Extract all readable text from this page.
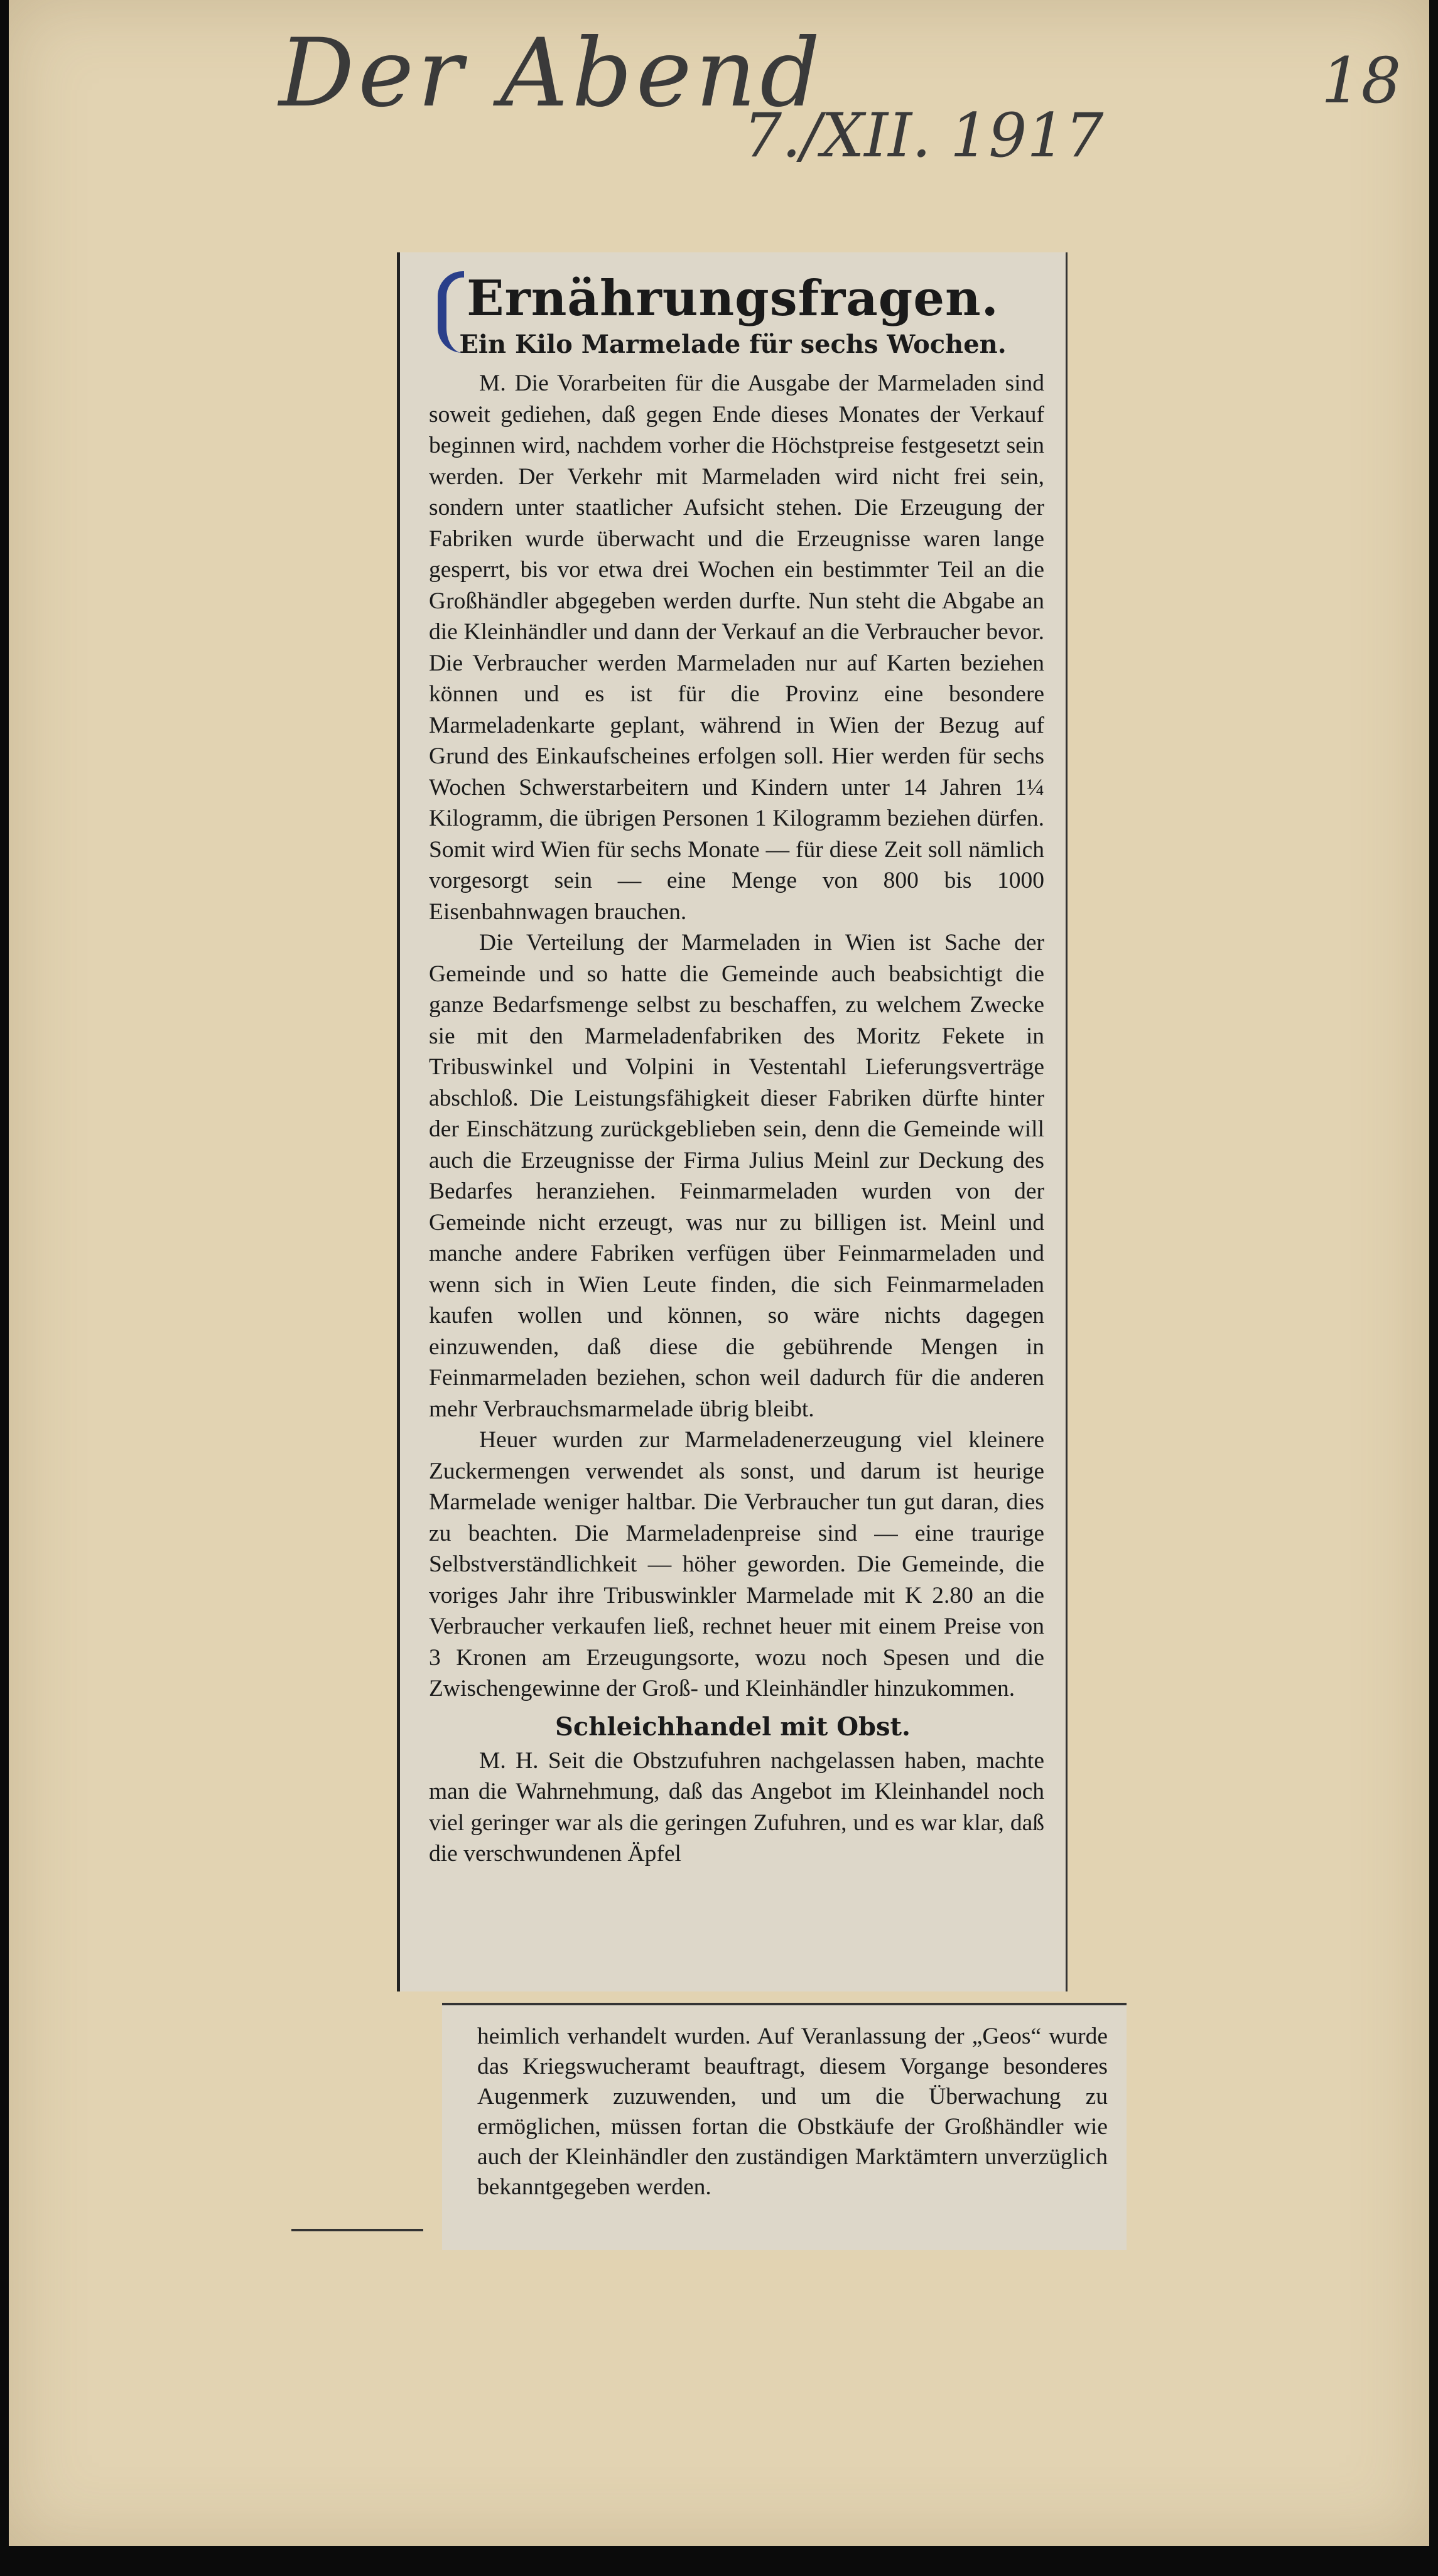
Der Abend
7./XII. 1917
18
Ernährungsfragen.
Ein Kilo Marmelade für sechs Wochen.

M. Die Vorarbeiten für die Ausgabe der Marmeladen sind soweit gediehen, daß gegen Ende dieses Monates der Verkauf beginnen wird, nachdem vorher die Höchstpreise festgesetzt sein werden. Der Verkehr mit Marmeladen wird nicht frei sein, sondern unter staatlicher Aufsicht stehen. Die Erzeugung der Fabriken wurde überwacht und die Erzeugnisse waren lange gesperrt, bis vor etwa drei Wochen ein bestimmter Teil an die Großhändler abgegeben werden durfte. Nun steht die Abgabe an die Kleinhändler und dann der Verkauf an die Verbraucher bevor. Die Verbraucher werden Marmeladen nur auf Karten beziehen können und es ist für die Provinz eine besondere Marmeladenkarte geplant, während in Wien der Bezug auf Grund des Einkaufscheines erfolgen soll. Hier werden für sechs Wochen Schwerstarbeitern und Kindern unter 14 Jahren 1¼ Kilogramm, die übrigen Personen 1 Kilogramm beziehen dürfen. Somit wird Wien für sechs Monate — für diese Zeit soll nämlich vorgesorgt sein — eine Menge von 800 bis 1000 Eisenbahnwagen brauchen.

Die Verteilung der Marmeladen in Wien ist Sache der Gemeinde und so hatte die Gemeinde auch beabsichtigt die ganze Bedarfsmenge selbst zu beschaffen, zu welchem Zwecke sie mit den Marmeladenfabriken des Moritz Fekete in Tribuswinkel und Volpini in Vestentahl Lieferungsverträge abschloß. Die Leistungsfähigkeit dieser Fabriken dürfte hinter der Einschätzung zurückgeblieben sein, denn die Gemeinde will auch die Erzeugnisse der Firma Julius Meinl zur Deckung des Bedarfes heranziehen. Feinmarmeladen wurden von der Gemeinde nicht erzeugt, was nur zu billigen ist. Meinl und manche andere Fabriken verfügen über Feinmarmeladen und wenn sich in Wien Leute finden, die sich Feinmarmeladen kaufen wollen und können, so wäre nichts dagegen einzuwenden, daß diese die gebührende Mengen in Feinmarmeladen beziehen, schon weil dadurch für die anderen mehr Verbrauchsmarmelade übrig bleibt.

Heuer wurden zur Marmeladenerzeugung viel kleinere Zuckermengen verwendet als sonst, und darum ist heurige Marmelade weniger haltbar. Die Verbraucher tun gut daran, dies zu beachten. Die Marmeladenpreise sind — eine traurige Selbstverständlichkeit — höher geworden. Die Gemeinde, die voriges Jahr ihre Tribuswinkler Marmelade mit K 2.80 an die Verbraucher verkaufen ließ, rechnet heuer mit einem Preise von 3 Kronen am Erzeugungsorte, wozu noch Spesen und die Zwischengewinne der Groß- und Kleinhändler hinzukommen.

Schleichhandel mit Obst.

M. H. Seit die Obstzufuhren nachgelassen haben, machte man die Wahrnehmung, daß das Angebot im Kleinhandel noch viel geringer war als die geringen Zufuhren, und es war klar, daß die verschwundenen Äpfel

heimlich verhandelt wurden. Auf Veranlassung der „Geos“ wurde das Kriegswucheramt beauftragt, diesem Vorgange besonderes Augenmerk zuzuwenden, und um die Überwachung zu ermöglichen, müssen fortan die Obstkäufe der Großhändler wie auch der Kleinhändler den zuständigen Marktämtern unverzüglich bekanntgegeben werden.
